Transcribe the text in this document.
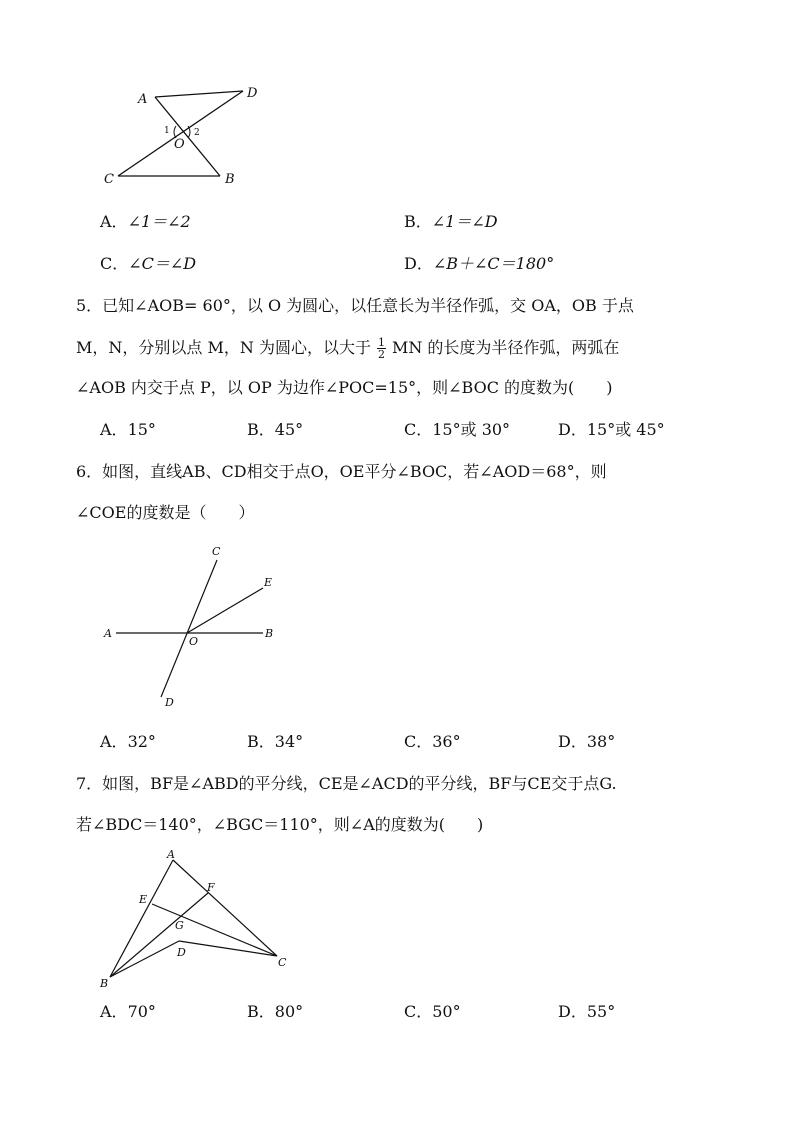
A	D
C	B
O
1	2
A．∠1＝∠2	B．∠1＝∠D
C．∠C＝∠D	D．∠B＋∠C＝180°
5．已知∠AOB= 60°，以 O 为圆心，以任意长为半径作弧，交 OA，OB 于点
M，N，分别以点 M，N 为圆心，以大于 $\frac{1}{2}$ MN 的长度为半径作弧，两弧在
∠AOB 内交于点 P，以 OP 为边作∠POC=15°，则∠BOC 的度数为(　　)
A．15°	B．45°	C．15°或 30°	D．15°或 45°
6．如图，直线AB、CD相交于点O，OE平分∠BOC，若∠AOD＝68°，则
∠COE的度数是（　　）
A	B
C
D
E
O
A．32°	B．34°	C．36°	D．38°
7．如图，BF是∠ABD的平分线，CE是∠ACD的平分线，BF与CE交于点G.
若∠BDC＝140°，∠BGC＝110°，则∠A的度数为(　　)
A
B
C
D
E
F
G
A．70°	B．80°	C．50°	D．55°
